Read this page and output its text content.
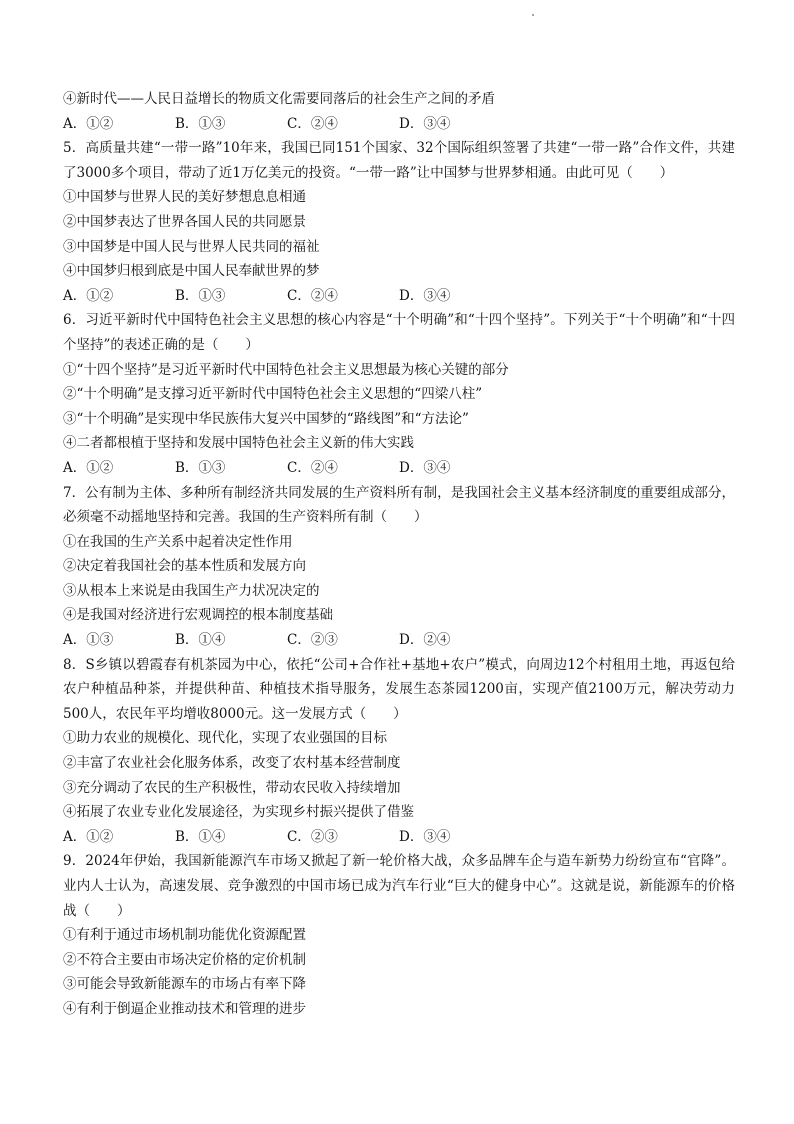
④新时代——人民日益增长的物质文化需要同落后的社会生产之间的矛盾
A．①②	B．①③	C．②④	D．③④
5．高质量共建“一带一路”10年来，我国已同151个国家、32个国际组织签署了共建“一带一路”合作文件，共建了3000多个项目，带动了近1万亿美元的投资。“一带一路”让中国梦与世界梦相通。由此可见（　　）
①中国梦与世界人民的美好梦想息息相通
②中国梦表达了世界各国人民的共同愿景
③中国梦是中国人民与世界人民共同的福祉
④中国梦归根到底是中国人民奉献世界的梦
A．①②	B．①③	C．②④	D．③④
6．习近平新时代中国特色社会主义思想的核心内容是“十个明确”和“十四个坚持”。下列关于“十个明确”和“十四个坚持”的表述正确的是（　　）
①“十四个坚持”是习近平新时代中国特色社会主义思想最为核心关键的部分
②“十个明确”是支撑习近平新时代中国特色社会主义思想的“四梁八柱”
③“十个明确”是实现中华民族伟大复兴中国梦的“路线图”和“方法论”
④二者都根植于坚持和发展中国特色社会主义新的伟大实践
A．①②	B．①③	C．②④	D．③④
7．公有制为主体、多种所有制经济共同发展的生产资料所有制，是我国社会主义基本经济制度的重要组成部分，必须毫不动摇地坚持和完善。我国的生产资料所有制（　　）
①在我国的生产关系中起着决定性作用
②决定着我国社会的基本性质和发展方向
③从根本上来说是由我国生产力状况决定的
④是我国对经济进行宏观调控的根本制度基础
A．①③	B．①④	C．②③	D．②④
8．S乡镇以碧霞春有机茶园为中心，依托“公司+合作社+基地+农户”模式，向周边12个村租用土地，再返包给农户种植品种茶，并提供种苗、种植技术指导服务，发展生态茶园1200亩，实现产值2100万元，解决劳动力500人，农民年平均增收8000元。这一发展方式（　　）
①助力农业的规模化、现代化，实现了农业强国的目标
②丰富了农业社会化服务体系，改变了农村基本经营制度
③充分调动了农民的生产积极性，带动农民收入持续增加
④拓展了农业专业化发展途径，为实现乡村振兴提供了借鉴
A．①②	B．①④	C．②③	D．③④
9．2024年伊始，我国新能源汽车市场又掀起了新一轮价格大战，众多品牌车企与造车新势力纷纷宣布“官降”。业内人士认为，高速发展、竞争激烈的中国市场已成为汽车行业“巨大的健身中心”。这就是说，新能源车的价格战（　　）
①有利于通过市场机制功能优化资源配置
②不符合主要由市场决定价格的定价机制
③可能会导致新能源车的市场占有率下降
④有利于倒逼企业推动技术和管理的进步
